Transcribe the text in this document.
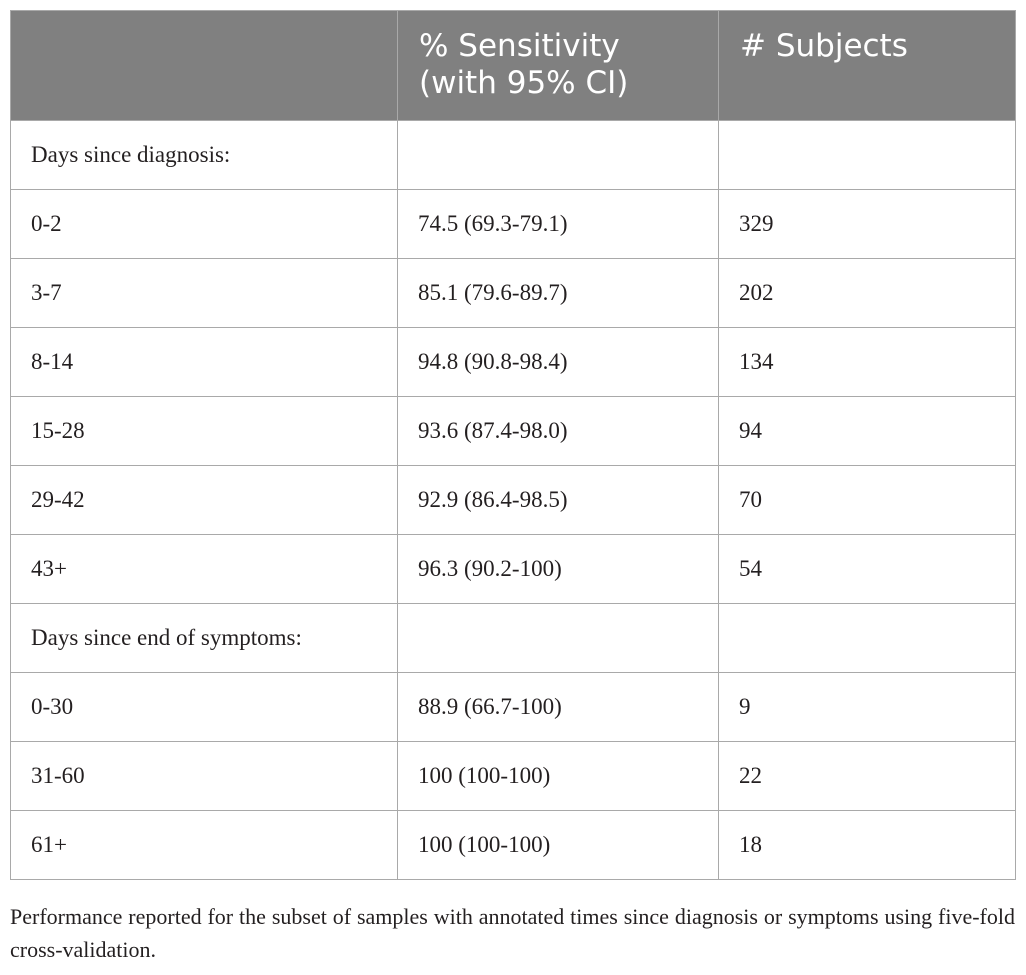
	% Sensitivity (with 95% CI)	# Subjects
Days since diagnosis:		
0-2	74.5 (69.3-79.1)	329
3-7	85.1 (79.6-89.7)	202
8-14	94.8 (90.8-98.4)	134
15-28	93.6 (87.4-98.0)	94
29-42	92.9 (86.4-98.5)	70
43+	96.3 (90.2-100)	54
Days since end of symptoms:		
0-30	88.9 (66.7-100)	9
31-60	100 (100-100)	22
61+	100 (100-100)	18
Performance reported for the subset of samples with annotated times since diagnosis or symptoms using five-fold cross-validation.
